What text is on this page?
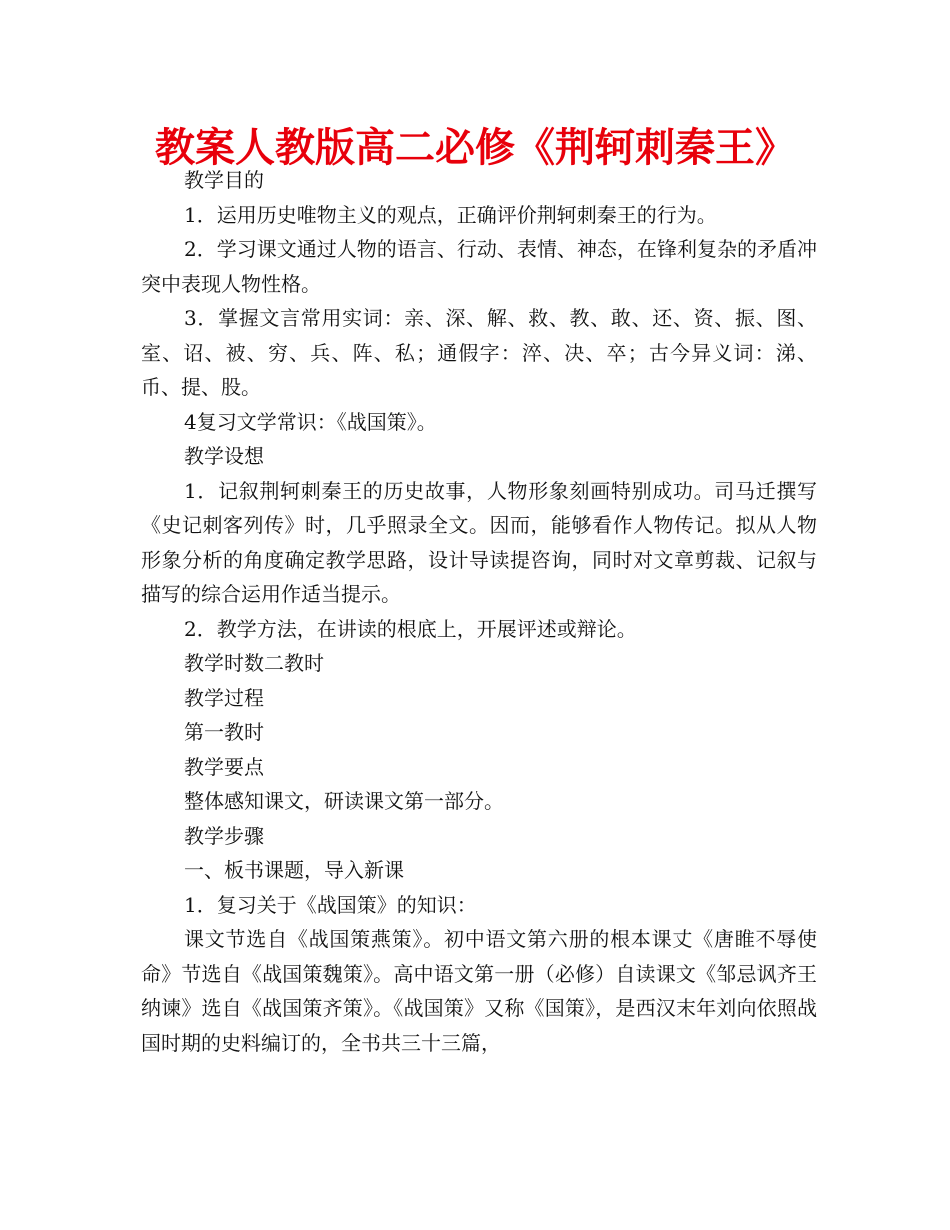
教案人教版高二必修《荆轲刺秦王》

教学目的

1．运用历史唯物主义的观点，正确评价荆轲刺秦王的行为。

2．学习课文通过人物的语言、行动、表情、神态，在锋利复杂的矛盾冲突中表现人物性格。

3．掌握文言常用实词：亲、深、解、救、教、敢、还、资、振、图、室、诏、被、穷、兵、阵、私；通假字：淬、决、卒；古今异义词：涕、币、提、股。

4复习文学常识：《战国策》。

教学设想

1．记叙荆轲刺秦王的历史故事，人物形象刻画特别成功。司马迁撰写《史记刺客列传》时，几乎照录全文。因而，能够看作人物传记。拟从人物形象分析的角度确定教学思路，设计导读提咨询，同时对文章剪裁、记叙与描写的综合运用作适当提示。

2．教学方法，在讲读的根底上，开展评述或辩论。

教学时数二教时

教学过程

第一教时

教学要点

整体感知课文，研读课文第一部分。

教学步骤

一、板书课题，导入新课

1．复习关于《战国策》的知识：

课文节选自《战国策燕策》。初中语文第六册的根本课丈《唐睢不辱使命》节选自《战国策魏策》。高中语文第一册（必修）自读课文《邹忌讽齐王纳谏》选自《战国策齐策》。《战国策》又称《国策》，是西汉末年刘向依照战国时期的史料编订的，全书共三十三篇，
